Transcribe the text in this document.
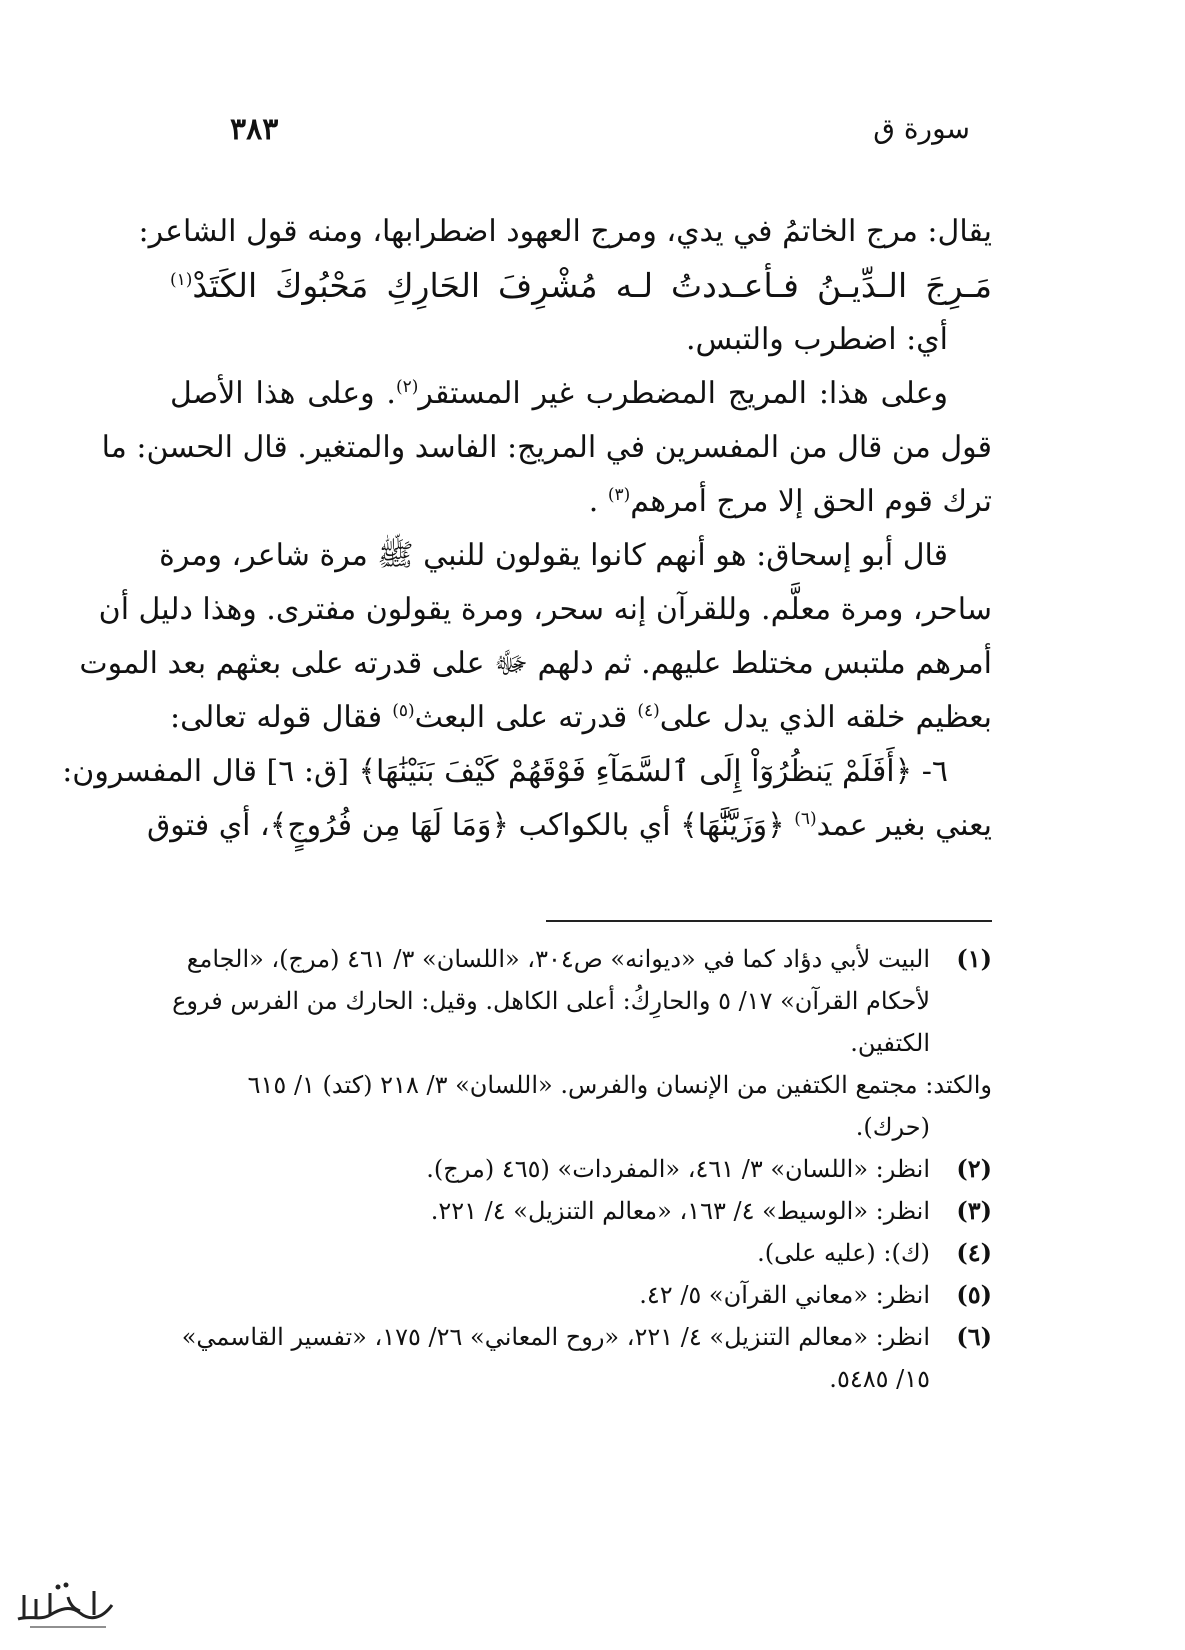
سورة ق
٣٨٣
يقال: مرج الخاتمُ في يدي، ومرج العهود اضطرابها، ومنه قول الشاعر:
مَـرِجَ الـدِّيـنُ فـأعـددتُ لـه مُشْرِفَ الحَارِكِ مَحْبُوكَ الكَتَدْ$^{(١)}$
أي: اضطرب والتبس.
وعلى هذا: المريج المضطرب غير المستقر$^{(٢)}$. وعلى هذا الأصل
قول من قال من المفسرين في المريج: الفاسد والمتغير. قال الحسن: ما
ترك قوم الحق إلا مرج أمرهم$^{(٣)}$ .
قال أبو إسحاق: هو أنهم كانوا يقولون للنبي ﷺ مرة شاعر، ومرة
ساحر، ومرة معلَّم. وللقرآن إنه سحر، ومرة يقولون مفترى. وهذا دليل أن
أمرهم ملتبس مختلط عليهم. ثم دلهم ﷻ على قدرته على بعثهم بعد الموت
بعظيم خلقه الذي يدل على$^{(٤)}$ قدرته على البعث$^{(٥)}$ فقال قوله تعالى:
٦- ﴿أَفَلَمْ يَنظُرُوٓاْ إِلَى ٱلسَّمَآءِ فَوْقَهُمْ كَيْفَ بَنَيْنَٰهَا﴾ [ق: ٦] قال المفسرون:
يعني بغير عمد$^{(٦)}$ ﴿وَزَيَّنَّٰهَا﴾ أي بالكواكب ﴿وَمَا لَهَا مِن فُرُوجٍ﴾، أي فتوق
(١)
البيت لأبي دؤاد كما في «ديوانه» ص٣٠٤، «اللسان» ٣/ ٤٦١ (مرج)، «الجامع
لأحكام القرآن» ١٧/ ٥ والحارِكُ: أعلى الكاهل. وقيل: الحارك من الفرس فروع
الكتفين.
والكتد: مجتمع الكتفين من الإنسان والفرس. «اللسان» ٣/ ٢١٨ (كتد) ١/ ٦١٥
(حرك).
(٢)
انظر: «اللسان» ٣/ ٤٦١، «المفردات» (٤٦٥ (مرج).
(٣)
انظر: «الوسيط» ٤/ ١٦٣، «معالم التنزيل» ٤/ ٢٢١.
(٤)
(ك): (عليه على).
(٥)
انظر: «معاني القرآن» ٥/ ٤٢.
(٦)
انظر: «معالم التنزيل» ٤/ ٢٢١، «روح المعاني» ٢٦/ ١٧٥، «تفسير القاسمي»
١٥/ ٥٤٨٥.
